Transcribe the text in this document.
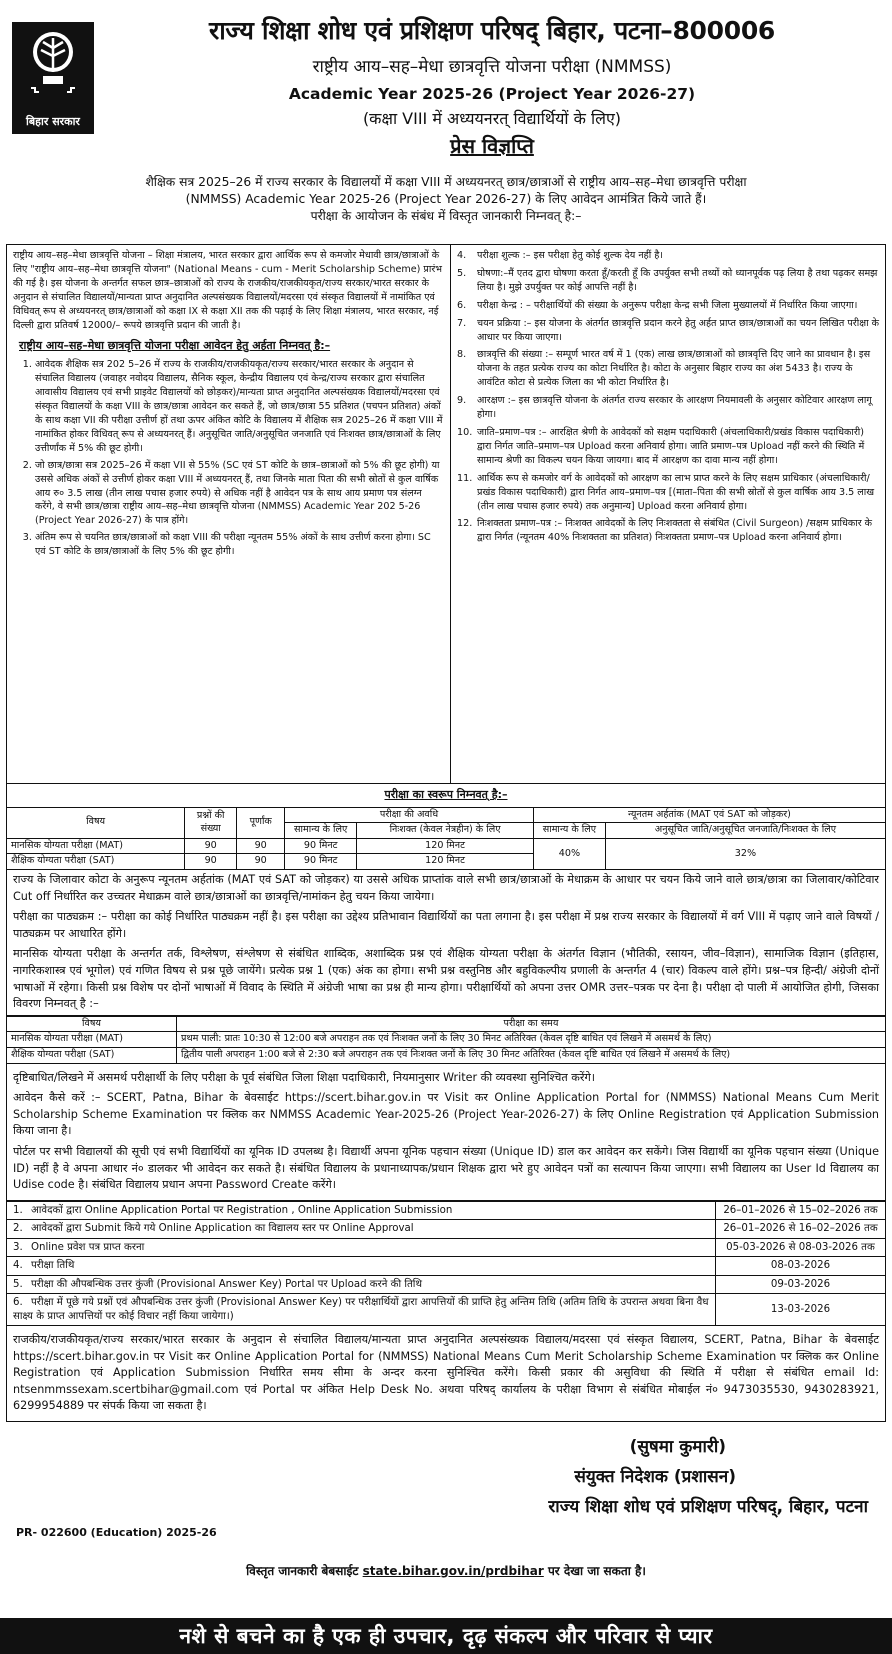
बिहार सरकार
राज्य शिक्षा शोध एवं प्रशिक्षण परिषद् बिहार, पटना–800006
राष्ट्रीय आय–सह–मेधा छात्रवृत्ति योजना परीक्षा (NMMSS)
Academic Year 2025-26 (Project Year 2026-27)
(कक्षा VIII में अध्ययनरत् विद्यार्थियों के लिए)
प्रेस विज्ञप्ति
शैक्षिक सत्र 2025–26 में राज्य सरकार के विद्यालयों में कक्षा VIII में अध्ययनरत् छात्र/छात्राओं से राष्ट्रीय आय–सह–मेधा छात्रवृत्ति परीक्षा
(NMMSS) Academic Year 2025-26 (Project Year 2026-27) के लिए आवेदन आमंत्रित किये जाते हैं।
परीक्षा के आयोजन के संबंध में विस्तृत जानकारी निम्नवत् है:–

राष्ट्रीय आय–सह–मेधा छात्रवृत्ति योजना – शिक्षा मंत्रालय, भारत सरकार द्वारा आर्थिक रूप से कमजोर मेधावी छात्र/छात्राओं के लिए "राष्ट्रीय आय–सह–मेधा छात्रवृत्ति योजना" (National Means - cum - Merit Scholarship Scheme) प्रारंभ की गई है। इस योजना के अन्तर्गत सफल छात्र–छात्राओं को राज्य के राजकीय/राजकीयकृत/राज्य सरकार/भारत सरकार के अनुदान से संचालित विद्यालयों/मान्यता प्राप्त अनुदानित अल्पसंख्यक विद्यालयों/मदरसा एवं संस्कृत विद्यालयों में नामांकित एवं विधिवत् रूप से अध्ययनरत् छात्र/छात्राओं को कक्षा IX से कक्षा XII तक की पढ़ाई के लिए शिक्षा मंत्रालय, भारत सरकार, नई दिल्ली द्वारा प्रतिवर्ष 12000/– रूपये छात्रवृत्ति प्रदान की जाती है।

राष्ट्रीय आय–सह–मेधा छात्रवृत्ति योजना परीक्षा आवेदन हेतु अर्हता निम्नवत् है:–
1. आवेदक शैक्षिक सत्र 202 5–26 में राज्य के राजकीय/राजकीयकृत/राज्य सरकार/भारत सरकार के अनुदान से संचालित विद्यालय (जवाहर नवोदय विद्यालय, सैनिक स्कूल, केन्द्रीय विद्यालय एवं केन्द्र/राज्य सरकार द्वारा संचालित आवासीय विद्यालय एवं सभी प्राइवेट विद्यालयों को छोड़कर)/मान्यता प्राप्त अनुदानित अल्पसंख्यक विद्यालयों/मदरसा एवं संस्कृत विद्यालयों के कक्षा VIII के छात्र/छात्रा आवेदन कर सकते हैं, जो छात्र/छात्रा 55 प्रतिशत (पचपन प्रतिशत) अंकों के साथ कक्षा VII की परीक्षा उत्तीर्ण हों तथा ऊपर अंकित कोटि के विद्यालय में शैक्षिक सत्र 2025–26 में कक्षा VIII में नामांकित होकर विधिवत् रूप से अध्ययनरत् हैं। अनुसूचित जाति/अनुसूचित जनजाति एवं निःशक्त छात्र/छात्राओं के लिए उत्तीर्णांक में 5% की छूट होगी।
2. जो छात्र/छात्रा सत्र 2025–26 में कक्षा VII से 55% (SC एवं ST कोटि के छात्र–छात्राओं को 5% की छूट होगी) या उससे अधिक अंकों से उत्तीर्ण होकर कक्षा VIII में अध्ययनरत् हैं, तथा जिनके माता पिता की सभी स्रोतों से कुल वार्षिक आय रु० 3.5 लाख (तीन लाख पचास हजार रुपये) से अधिक नहीं है आवेदन पत्र के साथ आय प्रमाण पत्र संलग्न करेंगे, वे सभी छात्र/छात्रा राष्ट्रीय आय–सह–मेधा छात्रवृत्ति योजना (NMMSS) Academic Year 202 5-26 (Project Year 2026-27) के पात्र होंगे।
3. अंतिम रूप से चयनित छात्र/छात्राओं को कक्षा VIII की परीक्षा न्यूनतम 55% अंकों के साथ उत्तीर्ण करना होगा। SC एवं ST कोटि के छात्र/छात्राओं के लिए 5% की छूट होगी।
4.	परीक्षा शुल्क :– इस परीक्षा हेतु कोई शुल्क देय नहीं है।
5.	घोषणा:–मैं एतद द्वारा घोषणा करता हूँ/करती हूँ कि उपर्युक्त सभी तथ्यों को ध्यानपूर्वक पढ़ लिया है तथा पढ़कर समझ लिया है। मुझे उपर्युक्त पर कोई आपत्ति नहीं है।
6.	परीक्षा केन्द्र : – परीक्षार्थियों की संख्या के अनुरूप परीक्षा केन्द्र सभी जिला मुख्यालयों में निर्धारित किया जाएगा।
7.	चयन प्रक्रिया :– इस योजना के अंतर्गत छात्रवृत्ति प्रदान करने हेतु अर्हत प्राप्त छात्र/छात्राओं का चयन लिखित परीक्षा के आधार पर किया जाएगा।
8.	छात्रवृत्ति की संख्या :– सम्पूर्ण भारत वर्ष में 1 (एक) लाख छात्र/छात्राओं को छात्रवृत्ति दिए जाने का प्रावधान है। इस योजना के तहत प्रत्येक राज्य का कोटा निर्धारित है। कोटा के अनुसार बिहार राज्य का अंश 5433 है। राज्य के आवंटित कोटा से प्रत्येक जिला का भी कोटा निर्धारित है।
9.	आरक्षण :– इस छात्रवृत्ति योजना के अंतर्गत राज्य सरकार के आरक्षण नियमावली के अनुसार कोटिवार आरक्षण लागू होगा।
10. जाति–प्रमाण–पत्र :– आरक्षित श्रेणी के आवेदकों को सक्षम पदाधिकारी (अंचलाधिकारी/प्रखंड विकास पदाधिकारी) द्वारा निर्गत जाति–प्रमाण–पत्र Upload करना अनिवार्य होगा। जाति प्रमाण–पत्र Upload नहीं करने की स्थिति में सामान्य श्रेणी का विकल्प चयन किया जायगा। बाद में आरक्षण का दावा मान्य नहीं होगा।
11. आर्थिक रूप से कमजोर वर्ग के आवेदकों को आरक्षण का लाभ प्राप्त करने के लिए सक्षम प्राधिकार (अंचलाधिकारी/प्रखंड विकास पदाधिकारी) द्वारा निर्गत आय–प्रमाण–पत्र [(माता–पिता की सभी स्रोतों से कुल वार्षिक आय 3.5 लाख (तीन लाख पचास हजार रुपये) तक अनुमान्य] Upload करना अनिवार्य होगा।
12. निःशक्तता प्रमाण–पत्र :– निःशक्त आवेदकों के लिए निःशक्तता से संबंधित (Civil Surgeon) /सक्षम प्राधिकार के द्वारा निर्गत (न्यूनतम 40% निःशक्तता का प्रतिशत) निःशक्तता प्रमाण–पत्र Upload करना अनिवार्य होगा।
परीक्षा का स्वरूप निम्नवत् है:–
विषय	प्रश्नों की संख्या	पूर्णांक	परीक्षा की अवधि		न्यूनतम अर्हतांक (MAT एवं SAT को जोड़कर)	
			सामान्य के लिए	निःशक्त (केवल नेत्रहीन) के लिए	सामान्य के लिए	अनुसूचित जाति/अनुसूचित जनजाति/निःशक्त के लिए
मानसिक योग्यता परीक्षा (MAT)	90	90	90 मिनट	120 मिनट	40%	32%
शैक्षिक योग्यता परीक्षा (SAT)	90	90	90 मिनट	120 मिनट		
राज्य के जिलावार कोटा के अनुरूप न्यूनतम अर्हतांक (MAT एवं SAT को जोड़कर) या उससे अधिक प्राप्तांक वाले सभी छात्र/छात्राओं के मेधाक्रम के आधार पर चयन किये जाने वाले छात्र/छात्रा का जिलावार/कोटिवार Cut off निर्धारित कर उच्चतर मेधाक्रम वाले छात्र/छात्राओं का छात्रवृत्ति/नामांकन हेतु चयन किया जायेगा।
परीक्षा का पाठ्यक्रम :– परीक्षा का कोई निर्धारित पाठ्यक्रम नहीं है। इस परीक्षा का उद्देश्य प्रतिभावान विद्यार्थियों का पता लगाना है। इस परीक्षा में प्रश्न राज्य सरकार के विद्यालयों में वर्ग VIII में पढ़ाए जाने वाले विषयों / पाठ्यक्रम पर आधारित होंगे।
मानसिक योग्यता परीक्षा के अन्तर्गत तर्क, विश्लेषण, संश्लेषण से संबंधित शाब्दिक, अशाब्दिक प्रश्न एवं शैक्षिक योग्यता परीक्षा के अंतर्गत विज्ञान (भौतिकी, रसायन, जीव–विज्ञान), सामाजिक विज्ञान (इतिहास, नागरिकशास्त्र एवं भूगोल) एवं गणित विषय से प्रश्न पूछे जायेंगे। प्रत्येक प्रश्न 1 (एक) अंक का होगा। सभी प्रश्न वस्तुनिष्ठ और बहुविकल्पीय प्रणाली के अन्तर्गत 4 (चार) विकल्प वाले होंगे। प्रश्न–पत्र हिन्दी/ अंग्रेजी दोनों भाषाओं में रहेगा। किसी प्रश्न विशेष पर दोनों भाषाओं में विवाद के स्थिति में अंग्रेजी भाषा का प्रश्न ही मान्य होगा। परीक्षार्थियों को अपना उत्तर OMR उत्तर–पत्रक पर देना है। परीक्षा दो पाली में आयोजित होगी, जिसका विवरण निम्नवत् है :–
विषय	परीक्षा का समय
मानसिक योग्यता परीक्षा (MAT)	प्रथम पाली: प्रातः 10:30 से 12:00 बजे अपराहन तक एवं निःशक्त जनों के लिए 30 मिनट अतिरिक्त (केवल दृष्टि बाधित एवं लिखने में असमर्थ के लिए)
शैक्षिक योग्यता परीक्षा (SAT)	द्वितीय पाली अपराहन 1:00 बजे से 2:30 बजे अपराहन तक एवं निःशक्त जनों के लिए 30 मिनट अतिरिक्त (केवल दृष्टि बाधित एवं लिखने में असमर्थ के लिए)
दृष्टिबाधित/लिखने में असमर्थ परीक्षार्थी के लिए परीक्षा के पूर्व संबंधित जिला शिक्षा पदाधिकारी, नियमानुसार Writer की व्यवस्था सुनिश्चित करेंगे।
आवेदन कैसे करें :– SCERT, Patna, Bihar के बेवसाईट https://scert.bihar.gov.in पर Visit कर Online Application Portal for (NMMSS) National Means Cum Merit Scholarship Scheme Examination पर क्लिक कर NMMSS Academic Year-2025-26 (Project Year-2026-27) के लिए Online Registration एवं Application Submission किया जाना है।
पोर्टल पर सभी विद्यालयों की सूची एवं सभी विद्यार्थियों का यूनिक ID उपलब्ध है। विद्यार्थी अपना यूनिक पहचान संख्या (Unique ID) डाल कर आवेदन कर सकेंगे। जिस विद्यार्थी का यूनिक पहचान संख्या (Unique ID) नहीं है वे अपना आधार नं० डालकर भी आवेदन कर सकते है। संबंधित विद्यालय के प्रधानाध्यापक/प्रधान शिक्षक द्वारा भरे हुए आवेदन पत्रों का सत्यापन किया जाएगा। सभी विद्यालय का User Id विद्यालय का Udise code है। संबंधित विद्यालय प्रधान अपना Password Create करेंगे।
1. आवेदकों द्वारा Online Application Portal पर Registration , Online Application Submission	26–01–2026 से 15–02–2026 तक
2. आवेदकों द्वारा Submit किये गये Online Application का विद्यालय स्तर पर Online Approval	26–01–2026 से 16–02–2026 तक
3. Online प्रवेश पत्र प्राप्त करना	05-03-2026 से 08-03-2026 तक
4. परीक्षा तिथि	08-03-2026
5. परीक्षा की औपबन्धिक उत्तर कुंजी (Provisional Answer Key) Portal पर Upload करने की तिथि	09-03-2026
6. परीक्षा में पूछे गये प्रश्नों एवं औपबन्धिक उत्तर कुंजी (Provisional Answer Key) पर परीक्षार्थियों द्वारा आपत्तियों की प्राप्ति हेतु अन्तिम तिथि (अतिम तिथि के उपरान्त अथवा बिना वैध साक्ष्य के प्राप्त आपत्तियों पर कोई विचार नहीं किया जायेगा।)	13-03-2026
राजकीय/राजकीयकृत/राज्य सरकार/भारत सरकार के अनुदान से संचालित विद्यालय/मान्यता प्राप्त अनुदानित अल्पसंख्यक विद्यालय/मदरसा एवं संस्कृत विद्यालय, SCERT, Patna, Bihar के बेवसाईट https://scert.bihar.gov.in पर Visit कर Online Application Portal for (NMMSS) National Means Cum Merit Scholarship Scheme Examination पर क्लिक कर Online Registration एवं Application Submission निर्धारित समय सीमा के अन्दर करना सुनिश्चित करेंगे। किसी प्रकार की असुविधा की स्थिति में परीक्षा से संबंधित email Id: ntsenmmssexam.scertbihar@gmail.com एवं Portal पर अंकित Help Desk No. अथवा परिषद् कार्यालय के परीक्षा विभाग से संबंधित मोबाईल नं० 9473035530, 9430283921, 6299954889 पर संपर्क किया जा सकता है।
(सुषमा कुमारी)
संयुक्त निदेशक (प्रशासन)
राज्य शिक्षा शोध एवं प्रशिक्षण परिषद्, बिहार, पटना
PR- 022600 (Education) 2025-26
विस्तृत जानकारी बेबसाईट state.bihar.gov.in/prdbihar पर देखा जा सकता है।
नशे से बचने का है एक ही उपचार, दृढ़ संकल्प और परिवार से प्यार
